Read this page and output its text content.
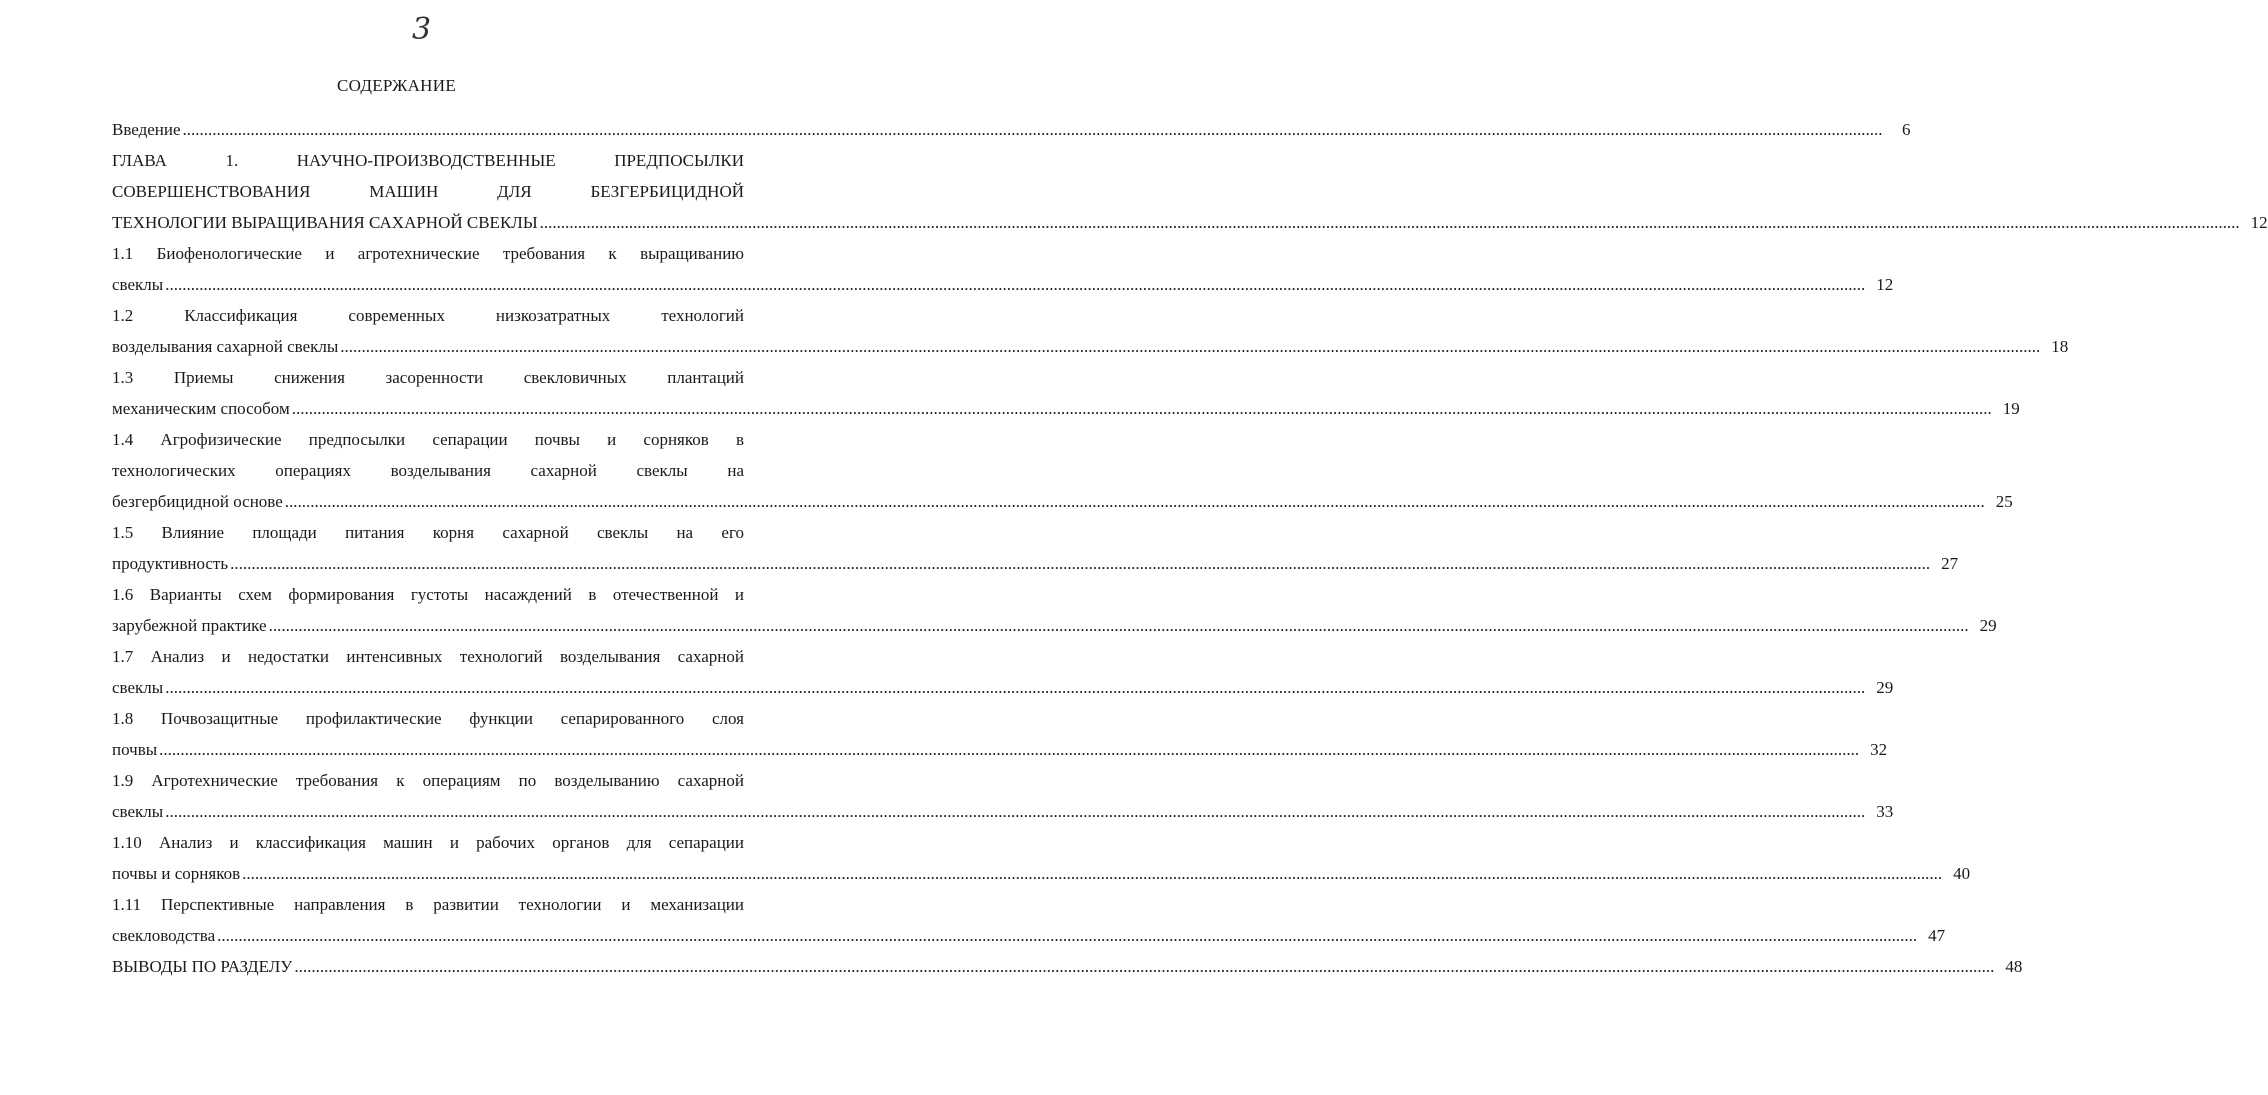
3
СОДЕРЖАНИЕ
Введение ................................................................................................................................................................................................................................................................................................................................................................................................................	6
ГЛАВА 1. НАУЧНО-ПРОИЗВОДСТВЕННЫЕ ПРЕДПОСЫЛКИ
СОВЕРШЕНСТВОВАНИЯ МАШИН ДЛЯ БЕЗГЕРБИЦИДНОЙ
ТЕХНОЛОГИИ ВЫРАЩИВАНИЯ САХАРНОЙ СВЕКЛЫ ................................................................................................................................................................................................................................................................................................................................................................................................................ 12
1.1 Биофенологические и агротехнические требования к выращиванию
свеклы ................................................................................................................................................................................................................................................................................................................................................................................................................ 12
1.2 Классификация современных низкозатратных технологий
возделывания сахарной свеклы ................................................................................................................................................................................................................................................................................................................................................................................................................ 18
1.3 Приемы снижения засоренности свекловичных плантаций
механическим способом ................................................................................................................................................................................................................................................................................................................................................................................................................ 19
1.4 Агрофизические предпосылки сепарации почвы и сорняков в
технологических операциях возделывания сахарной свеклы на
безгербицидной основе ................................................................................................................................................................................................................................................................................................................................................................................................................ 25
1.5 Влияние площади питания корня сахарной свеклы на его
продуктивность ................................................................................................................................................................................................................................................................................................................................................................................................................ 27
1.6 Варианты схем формирования густоты насаждений в отечественной и
зарубежной практике ................................................................................................................................................................................................................................................................................................................................................................................................................ 29
1.7 Анализ и недостатки интенсивных технологий возделывания сахарной
свеклы ................................................................................................................................................................................................................................................................................................................................................................................................................ 29
1.8 Почвозащитные профилактические функции сепарированного слоя
почвы ................................................................................................................................................................................................................................................................................................................................................................................................................ 32
1.9 Агротехнические требования к операциям по возделыванию сахарной
свеклы ................................................................................................................................................................................................................................................................................................................................................................................................................ 33
1.10 Анализ и классификация машин и рабочих органов для сепарации
почвы и сорняков ................................................................................................................................................................................................................................................................................................................................................................................................................ 40
1.11 Перспективные направления в развитии технологии и механизации
свекловодства ................................................................................................................................................................................................................................................................................................................................................................................................................ 47
ВЫВОДЫ ПО РАЗДЕЛУ ................................................................................................................................................................................................................................................................................................................................................................................................................ 48
